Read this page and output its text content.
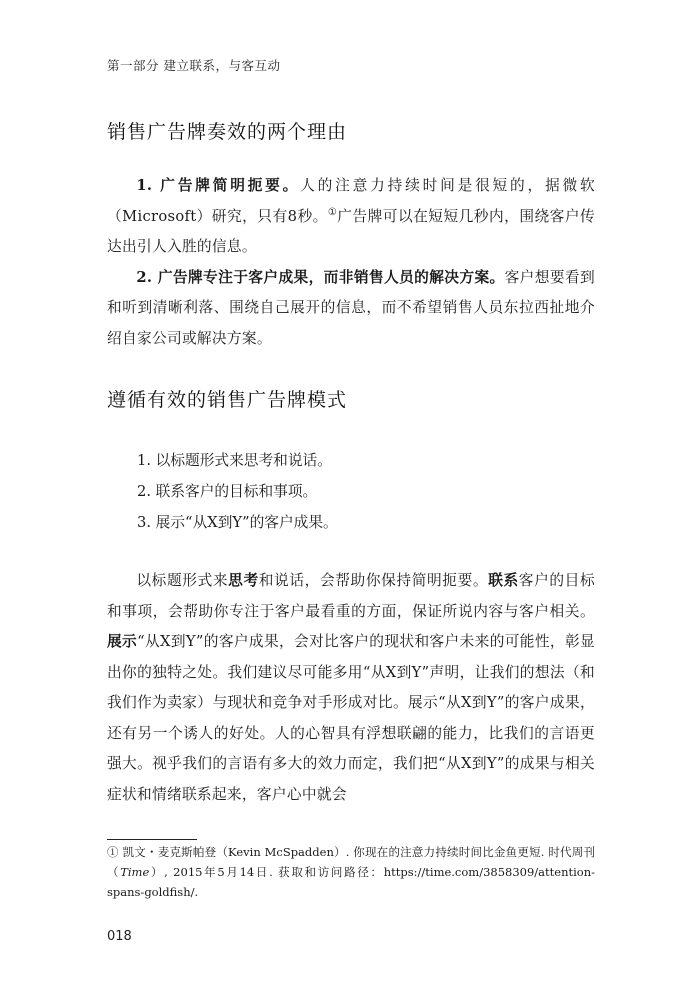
第一部分 建立联系，与客互动
销售广告牌奏效的两个理由

1. 广告牌简明扼要。人的注意力持续时间是很短的，据微软（Microsoft）研究，只有8秒。①广告牌可以在短短几秒内，围绕客户传达出引人入胜的信息。

2. 广告牌专注于客户成果，而非销售人员的解决方案。客户想要看到和听到清晰利落、围绕自己展开的信息，而不希望销售人员东拉西扯地介绍自家公司或解决方案。

遵循有效的销售广告牌模式
1. 以标题形式来思考和说话。
2. 联系客户的目标和事项。
3. 展示“从X到Y”的客户成果。

以标题形式来思考和说话，会帮助你保持简明扼要。联系客户的目标和事项，会帮助你专注于客户最看重的方面，保证所说内容与客户相关。展示“从X到Y”的客户成果，会对比客户的现状和客户未来的可能性，彰显出你的独特之处。我们建议尽可能多用“从X到Y”声明，让我们的想法（和我们作为卖家）与现状和竞争对手形成对比。展示“从X到Y”的客户成果，还有另一个诱人的好处。人的心智具有浮想联翩的能力，比我们的言语更强大。视乎我们的言语有多大的效力而定，我们把“从X到Y”的成果与相关症状和情绪联系起来，客户心中就会

① 凯文・麦克斯帕登（Kevin McSpadden）. 你现在的注意力持续时间比金鱼更短. 时代周刊（Time）, 2015年5月14日. 获取和访问路径：https://time.com/3858309/attention-spans-goldfish/.
018
